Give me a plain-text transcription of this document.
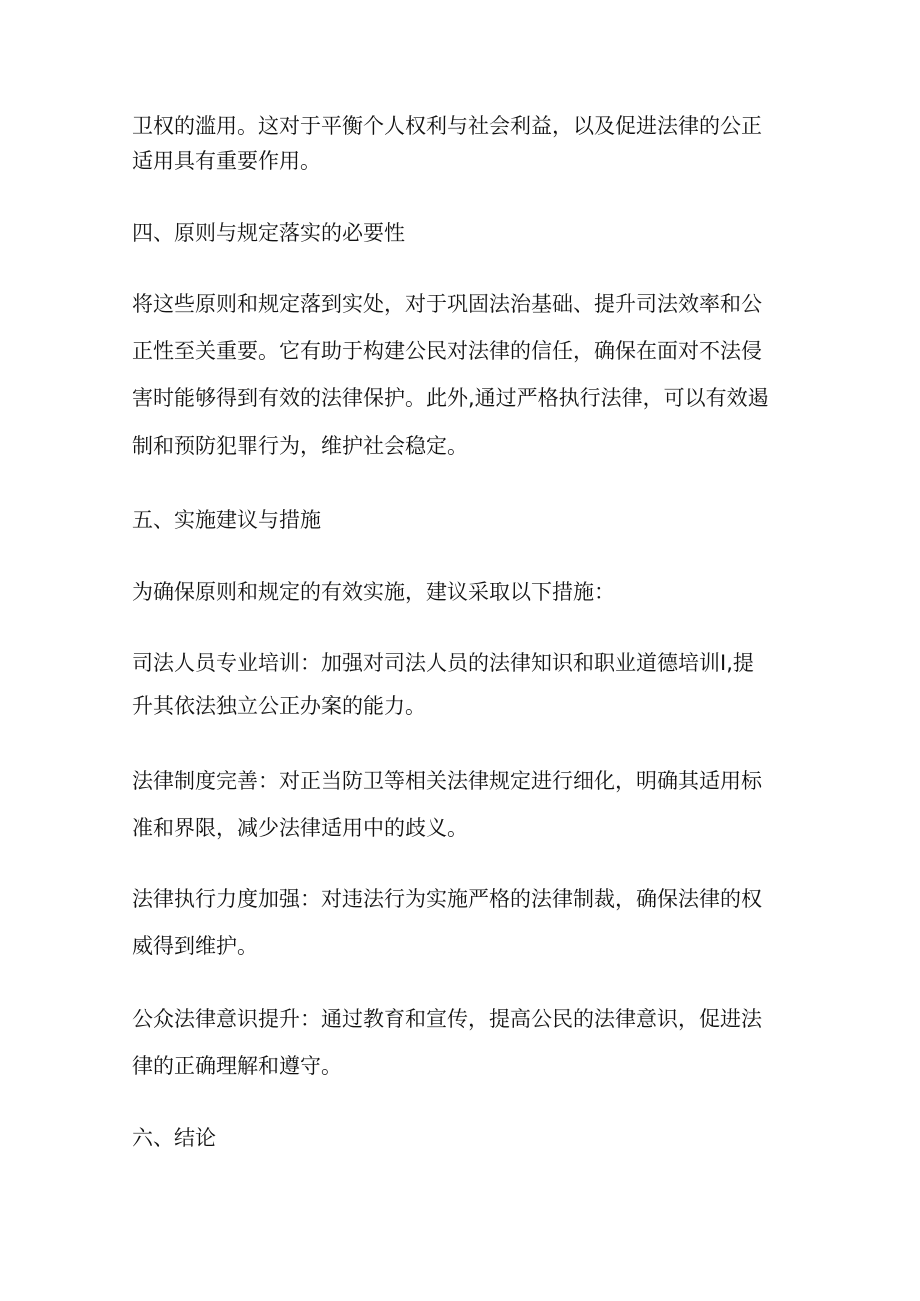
卫权的滥用。这对于平衡个人权利与社会利益，以及促进法律的公正
适用具有重要作用。
四、原则与规定落实的必要性
将这些原则和规定落到实处，对于巩固法治基础、提升司法效率和公
正性至关重要。它有助于构建公民对法律的信任，确保在面对不法侵
害时能够得到有效的法律保护。此外,通过严格执行法律，可以有效遏
制和预防犯罪行为，维护社会稳定。
五、实施建议与措施
为确保原则和规定的有效实施，建议采取以下措施：
司法人员专业培训：加强对司法人员的法律知识和职业道德培训I,提
升其依法独立公正办案的能力。
法律制度完善：对正当防卫等相关法律规定进行细化，明确其适用标
准和界限，减少法律适用中的歧义。
法律执行力度加强：对违法行为实施严格的法律制裁，确保法律的权
威得到维护。
公众法律意识提升：通过教育和宣传，提高公民的法律意识，促进法
律的正确理解和遵守。
六、结论
